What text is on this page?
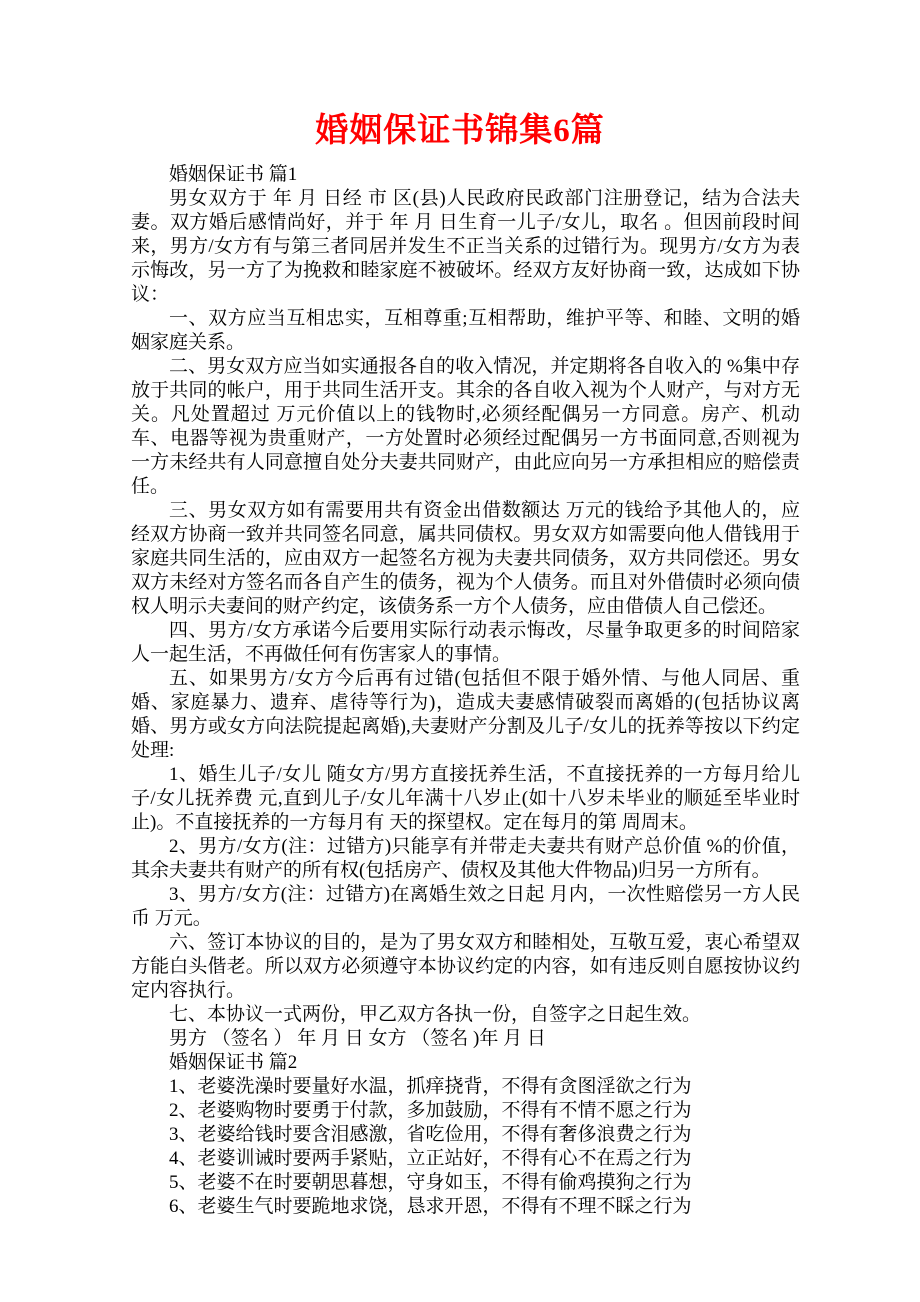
婚姻保证书锦集6篇

婚姻保证书 篇1

男女双方于 年 月 日经 市 区(县)人民政府民政部门注册登记，结为合法夫妻。双方婚后感情尚好，并于 年 月 日生育一儿子/女儿，取名 。但因前段时间来，男方/女方有与第三者同居并发生不正当关系的过错行为。现男方/女方为表示悔改，另一方了为挽救和睦家庭不被破坏。经双方友好协商一致，达成如下协议：

一、双方应当互相忠实，互相尊重;互相帮助，维护平等、和睦、文明的婚姻家庭关系。

二、男女双方应当如实通报各自的收入情况，并定期将各自收入的 %集中存放于共同的帐户，用于共同生活开支。其余的各自收入视为个人财产，与对方无关。凡处置超过 万元价值以上的钱物时,必须经配偶另一方同意。房产、机动车、电器等视为贵重财产，一方处置时必须经过配偶另一方书面同意,否则视为一方未经共有人同意擅自处分夫妻共同财产，由此应向另一方承担相应的赔偿责任。

三、男女双方如有需要用共有资金出借数额达 万元的钱给予其他人的，应经双方协商一致并共同签名同意，属共同债权。男女双方如需要向他人借钱用于家庭共同生活的，应由双方一起签名方视为夫妻共同债务，双方共同偿还。男女双方未经对方签名而各自产生的债务，视为个人债务。而且对外借债时必须向债权人明示夫妻间的财产约定，该债务系一方个人债务，应由借债人自己偿还。

四、男方/女方承诺今后要用实际行动表示悔改，尽量争取更多的时间陪家人一起生活，不再做任何有伤害家人的事情。

五、如果男方/女方今后再有过错(包括但不限于婚外情、与他人同居、重婚、家庭暴力、遗弃、虐待等行为)，造成夫妻感情破裂而离婚的(包括协议离婚、男方或女方向法院提起离婚),夫妻财产分割及儿子/女儿的抚养等按以下约定处理:

1、婚生儿子/女儿 随女方/男方直接抚养生活，不直接抚养的一方每月给儿子/女儿抚养费 元,直到儿子/女儿年满十八岁止(如十八岁未毕业的顺延至毕业时止)。不直接抚养的一方每月有 天的探望权。定在每月的第 周周末。

2、男方/女方(注：过错方)只能享有并带走夫妻共有财产总价值 %的价值，其余夫妻共有财产的所有权(包括房产、债权及其他大件物品)归另一方所有。

3、男方/女方(注：过错方)在离婚生效之日起 月内，一次性赔偿另一方人民币 万元。

六、签订本协议的目的，是为了男女双方和睦相处，互敬互爱，衷心希望双方能白头偕老。所以双方必须遵守本协议约定的内容，如有违反则自愿按协议约定内容执行。

七、本协议一式两份，甲乙双方各执一份，自签字之日起生效。

男方 （签名 ） 年 月 日 女方 （签名 )年 月 日

婚姻保证书 篇2

1、老婆洗澡时要量好水温，抓痒挠背，不得有贪图淫欲之行为

2、老婆购物时要勇于付款，多加鼓励，不得有不情不愿之行为

3、老婆给钱时要含泪感激，省吃俭用，不得有奢侈浪费之行为

4、老婆训诫时要两手紧贴，立正站好，不得有心不在焉之行为

5、老婆不在时要朝思暮想，守身如玉，不得有偷鸡摸狗之行为

6、老婆生气时要跪地求饶，恳求开恩，不得有不理不睬之行为
